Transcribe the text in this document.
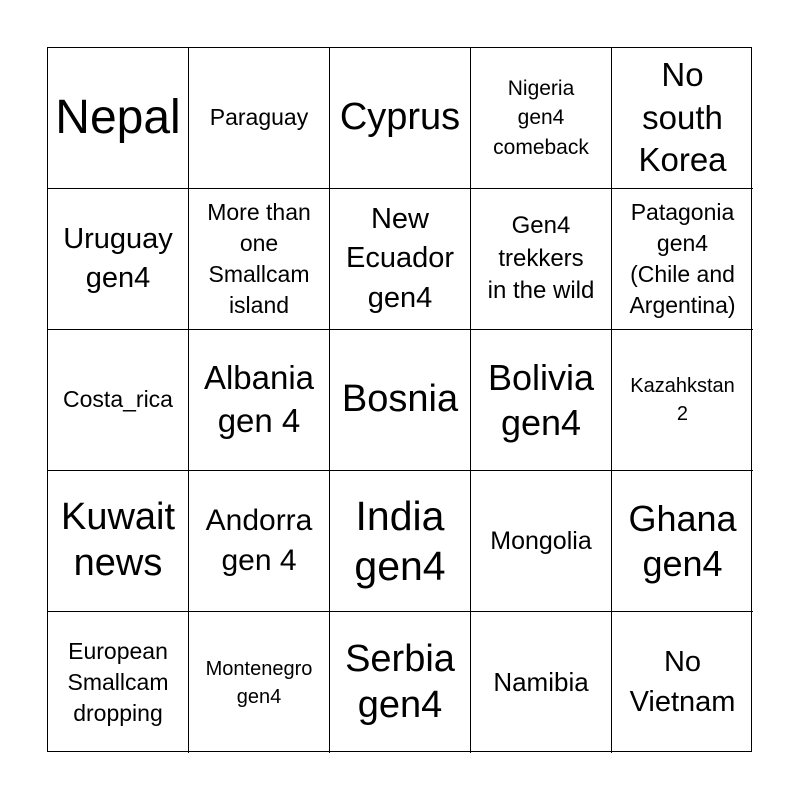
Nepal Paraguay Cyprus
Nigeria
gen4
comeback
No
south
Korea
Uruguay
gen4
More than
one
Smallcam
island
New
Ecuador
gen4
Gen4
trekkers
in the wild
Patagonia
gen4
(Chile and
Argentina)
Costa_rica
Albania
gen 4
Bosnia
Bolivia
gen4
Kazahkstan
2
Kuwait
news
Andorra
gen 4
India
gen4
Mongolia
Ghana
gen4
European
Smallcam
dropping
Montenegro
gen4
Serbia
gen4
Namibia
No
Vietnam
